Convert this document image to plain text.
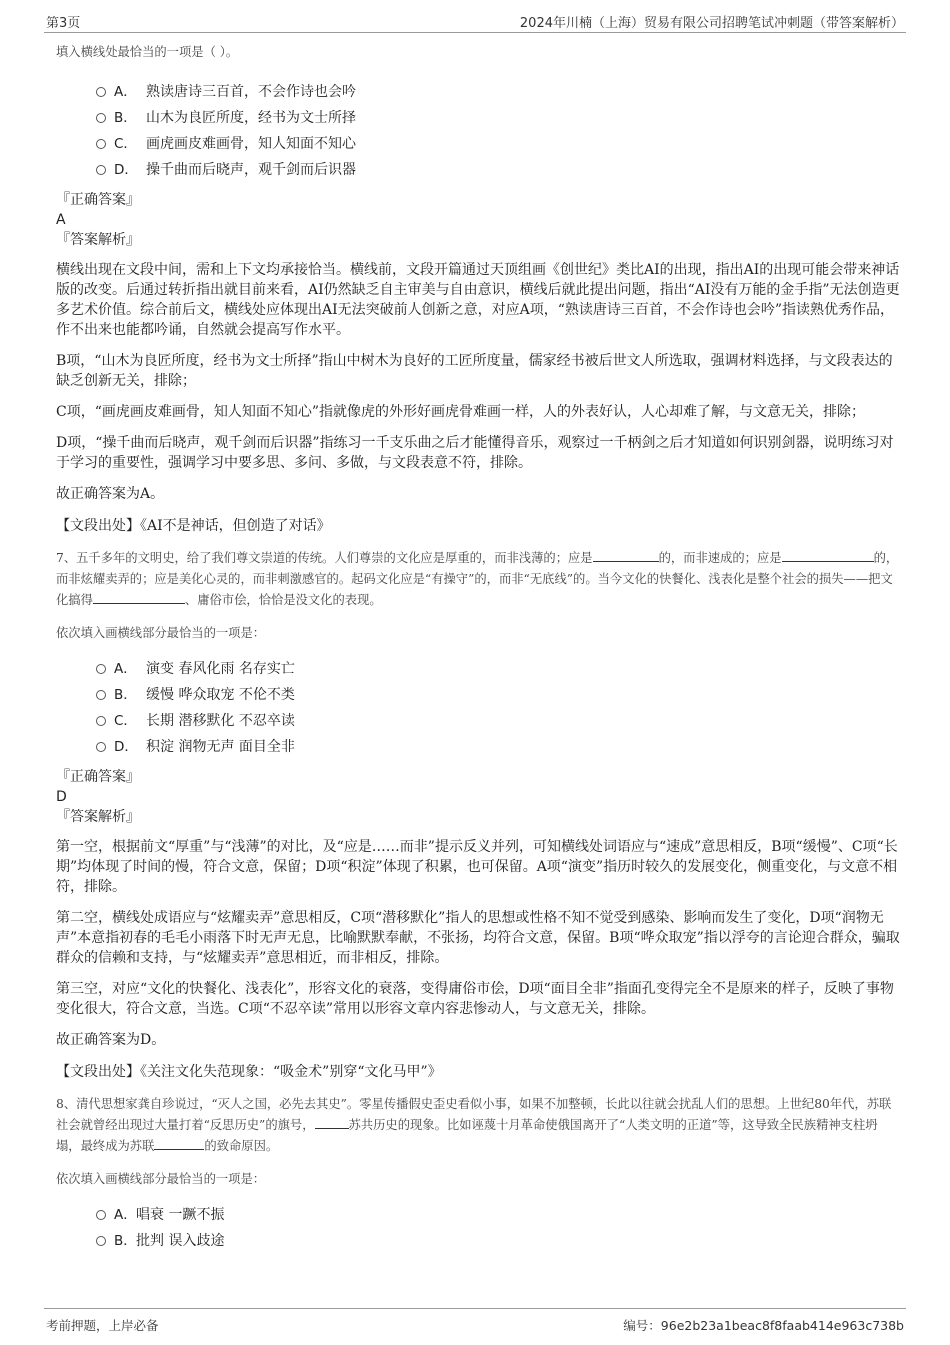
第3页	2024年川楠（上海）贸易有限公司招聘笔试冲刺题（带答案解析）
填入横线处最恰当的一项是（ ）。
A． 熟读唐诗三百首，不会作诗也会吟
B． 山木为良匠所度，经书为文士所择
C． 画虎画皮难画骨，知人知面不知心
D． 操千曲而后晓声，观千剑而后识器
『正确答案』
A
『答案解析』

横线出现在文段中间，需和上下文均承接恰当。横线前，文段开篇通过天顶组画《创世纪》类比AI的出现，指出AI的出现可能会带来神话版的改变。后通过转折指出就目前来看，AI仍然缺乏自主审美与自由意识，横线后就此提出问题，指出“AI没有万能的金手指”无法创造更多艺术价值。综合前后文，横线处应体现出AI无法突破前人创新之意，对应A项，“熟读唐诗三百首，不会作诗也会吟”指读熟优秀作品，作不出来也能都吟诵，自然就会提高写作水平。

B项，“山木为良匠所度，经书为文士所择”指山中树木为良好的工匠所度量，儒家经书被后世文人所选取，强调材料选择，与文段表达的缺乏创新无关，排除；

C项，“画虎画皮难画骨，知人知面不知心”指就像虎的外形好画虎骨难画一样，人的外表好认，人心却难了解，与文意无关，排除；

D项，“操千曲而后晓声，观千剑而后识器”指练习一千支乐曲之后才能懂得音乐，观察过一千柄剑之后才知道如何识别剑器，说明练习对于学习的重要性，强调学习中要多思、多问、多做，与文段表意不符，排除。

故正确答案为A。

【文段出处】《AI不是神话，但创造了对话》

7、五千多年的文明史，给了我们尊文崇道的传统。人们尊崇的文化应是厚重的，而非浅薄的；应是	的，而非速成的；应是	的，而非炫耀卖弄的；应是美化心灵的，而非刺激感官的。起码文化应是“有操守”的，而非“无底线”的。当今文化的快餐化、浅表化是整个社会的损失——把文化搞得	、庸俗市侩，恰恰是没文化的表现。

依次填入画横线部分最恰当的一项是：
A． 演变 春风化雨 名存实亡
B． 缓慢 哗众取宠 不伦不类
C． 长期 潜移默化 不忍卒读
D． 积淀 润物无声 面目全非
『正确答案』
D
『答案解析』

第一空，根据前文“厚重”与“浅薄”的对比，及“应是……而非”提示反义并列，可知横线处词语应与“速成”意思相反，B项“缓慢”、C项“长期”均体现了时间的慢，符合文意，保留；D项“积淀”体现了积累，也可保留。A项“演变”指历时较久的发展变化，侧重变化，与文意不相符，排除。

第二空，横线处成语应与“炫耀卖弄”意思相反，C项“潜移默化”指人的思想或性格不知不觉受到感染、影响而发生了变化，D项“润物无声”本意指初春的毛毛小雨落下时无声无息，比喻默默奉献，不张扬，均符合文意，保留。B项“哗众取宠”指以浮夸的言论迎合群众，骗取群众的信赖和支持，与“炫耀卖弄”意思相近，而非相反，排除。

第三空，对应“文化的快餐化、浅表化”，形容文化的衰落，变得庸俗市侩，D项“面目全非”指面孔变得完全不是原来的样子，反映了事物变化很大，符合文意，当选。C项“不忍卒读”常用以形容文章内容悲惨动人，与文意无关，排除。

故正确答案为D。

【文段出处】《关注文化失范现象：“吸金术”别穿“文化马甲”》

8、清代思想家龚自珍说过，“灭人之国，必先去其史”。零星传播假史歪史看似小事，如果不加整顿，长此以往就会扰乱人们的思想。上世纪80年代，苏联社会就曾经出现过大量打着“反思历史”的旗号，	苏共历史的现象。比如诬蔑十月革命使俄国离开了“人类文明的正道”等，这导致全民族精神支柱坍塌，最终成为苏联	的致命原因。

依次填入画横线部分最恰当的一项是：
A．唱衰 一蹶不振
B．批判 误入歧途
考前押题，上岸必备	编号：96e2b23a1beac8f8faab414e963c738b
